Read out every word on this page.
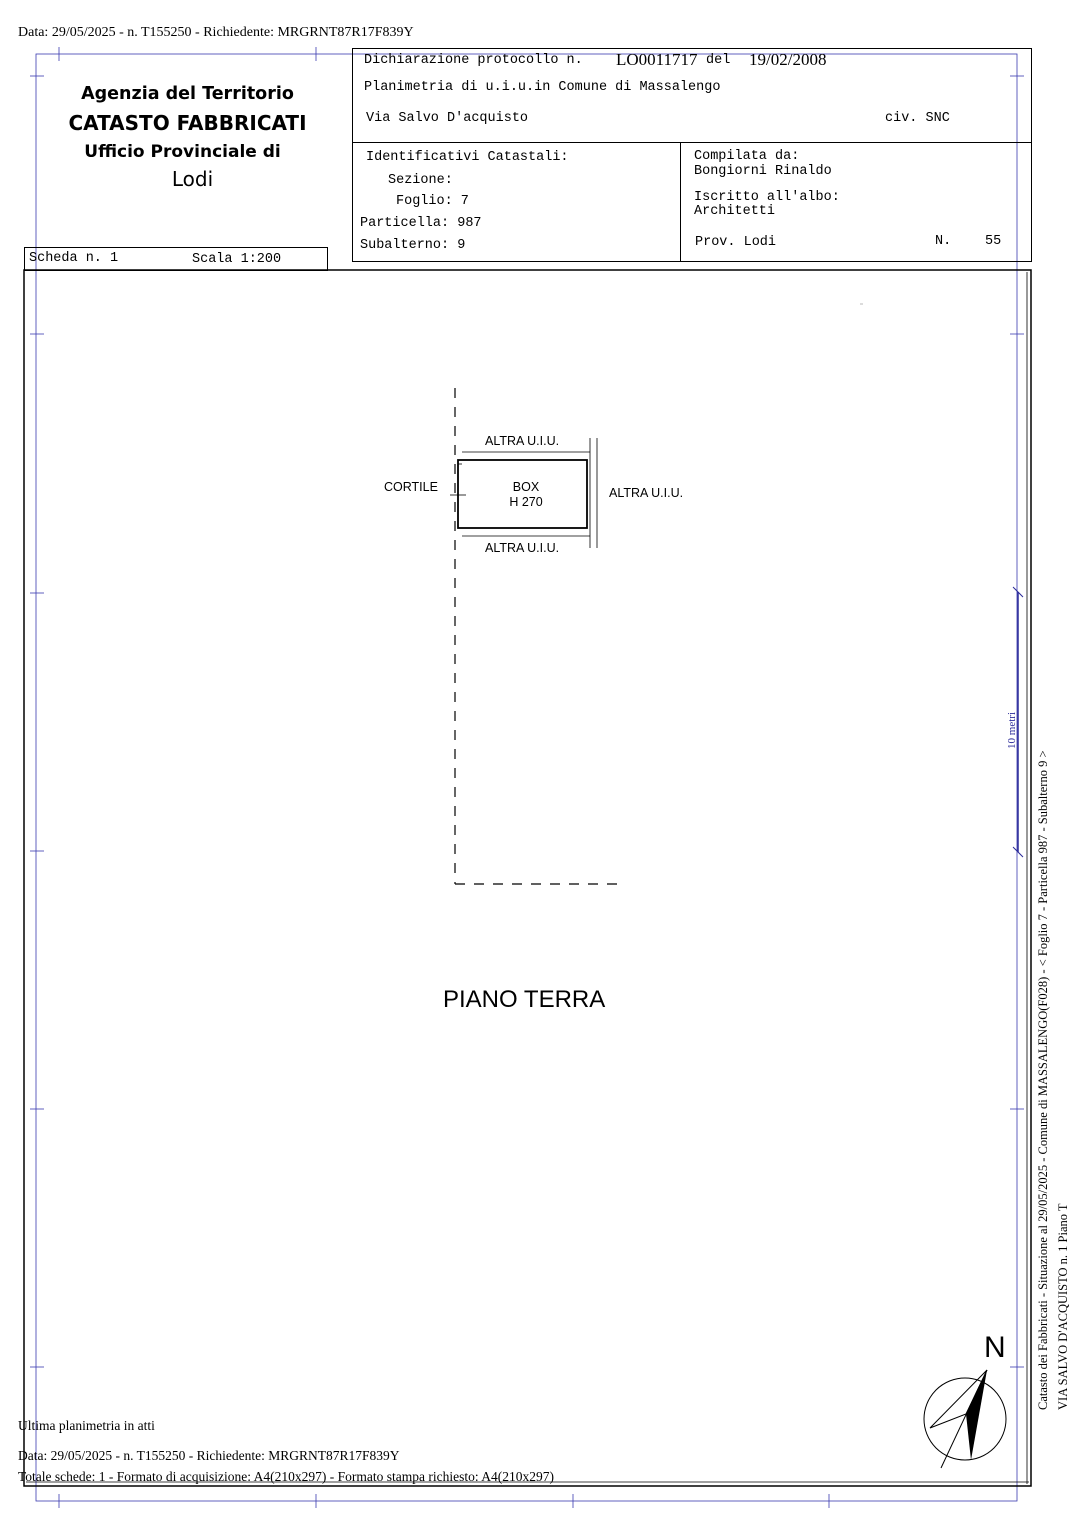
Data: 29/05/2025 - n. T155250 - Richiedente: MRGRNT87R17F839Y
Agenzia del Territorio
CATASTO FABBRICATI
Ufficio Provinciale di
Lodi
Dichiarazione protocollo n. LO0011717 del 19/02/2008
Planimetria di u.i.u.in Comune di Massalengo
Via Salvo D'acquisto	civ. SNC
Identificativi Catastali:
Sezione:
Foglio: 7
Particella: 987
Subalterno: 9
Compilata da:
Bongiorni Rinaldo
Iscritto all'albo:
Architetti
Prov. Lodi	N.	55
Scheda n. 1	Scala 1:200
ALTRA U.I.U.
ALTRA U.I.U.
ALTRA U.I.U.
CORTILE	BOX
H 270
PIANO TERRA
10 metri
N Catasto dei Fabbricati - Situazione al 29/05/2025 - Comune di MASSALENGO(F028) - < Foglio 7 - Particella 987 - Subalterno 9 > VIA SALVO D'ACQUISTO n. 1 Piano T
Ultima planimetria in atti
Data: 29/05/2025 - n. T155250 - Richiedente: MRGRNT87R17F839Y
Totale schede: 1 - Formato di acquisizione: A4(210x297) - Formato stampa richiesto: A4(210x297)
